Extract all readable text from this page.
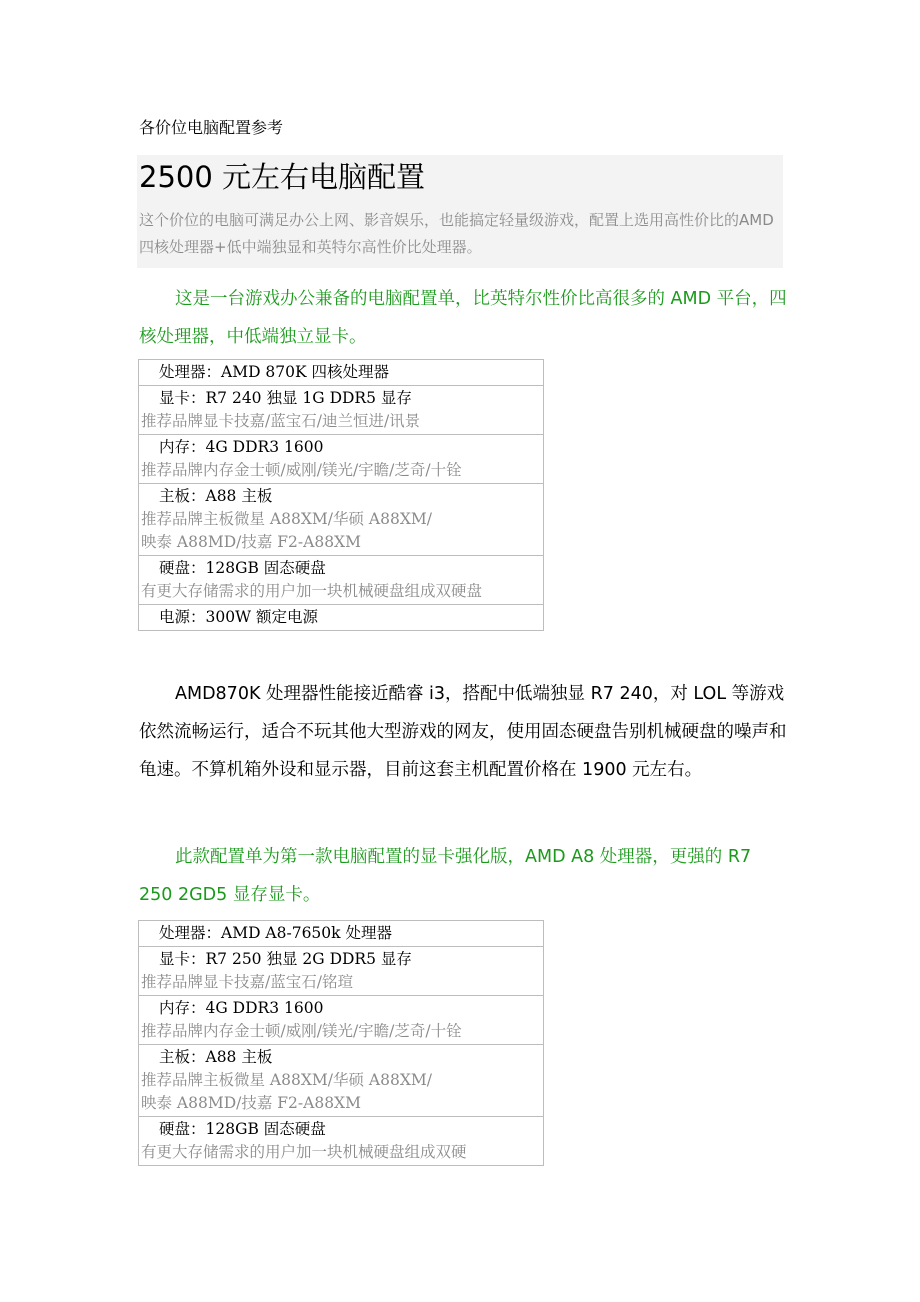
各价位电脑配置参考
2500 元左右电脑配置
这个价位的电脑可满足办公上网、影音娱乐，也能搞定轻量级游戏，配置上选用高性价比的AMD 四核处理器+低中端独显和英特尔高性价比处理器。
这是一台游戏办公兼备的电脑配置单，比英特尔性价比高很多的 AMD 平台，四核处理器，中低端独立显卡。
处理器：AMD 870K 四核处理器

显卡：R7 240 独显 1G DDR5 显存
推荐品牌显卡技嘉/蓝宝石/迪兰恒进/讯景

内存：4G DDR3 1600
推荐品牌内存金士顿/威刚/镁光/宇瞻/芝奇/十铨

主板：A88 主板
推荐品牌主板微星 A88XM/华硕 A88XM/
映泰 A88MD/技嘉 F2-A88XM

硬盘：128GB 固态硬盘
有更大存储需求的用户加一块机械硬盘组成双硬盘

电源：300W 额定电源
AMD870K 处理器性能接近酷睿 i3，搭配中低端独显 R7 240，对 LOL 等游戏依然流畅运行，适合不玩其他大型游戏的网友，使用固态硬盘告别机械硬盘的噪声和龟速。不算机箱外设和显示器，目前这套主机配置价格在 1900 元左右。
此款配置单为第一款电脑配置的显卡强化版，AMD A8 处理器，更强的 R7 250 2GD5 显存显卡。
处理器：AMD A8-7650k 处理器

显卡：R7 250 独显 2G DDR5 显存
推荐品牌显卡技嘉/蓝宝石/铭瑄

内存：4G DDR3 1600
推荐品牌内存金士顿/威刚/镁光/宇瞻/芝奇/十铨

主板：A88 主板
推荐品牌主板微星 A88XM/华硕 A88XM/
映泰 A88MD/技嘉 F2-A88XM

硬盘：128GB 固态硬盘
有更大存储需求的用户加一块机械硬盘组成双硬
